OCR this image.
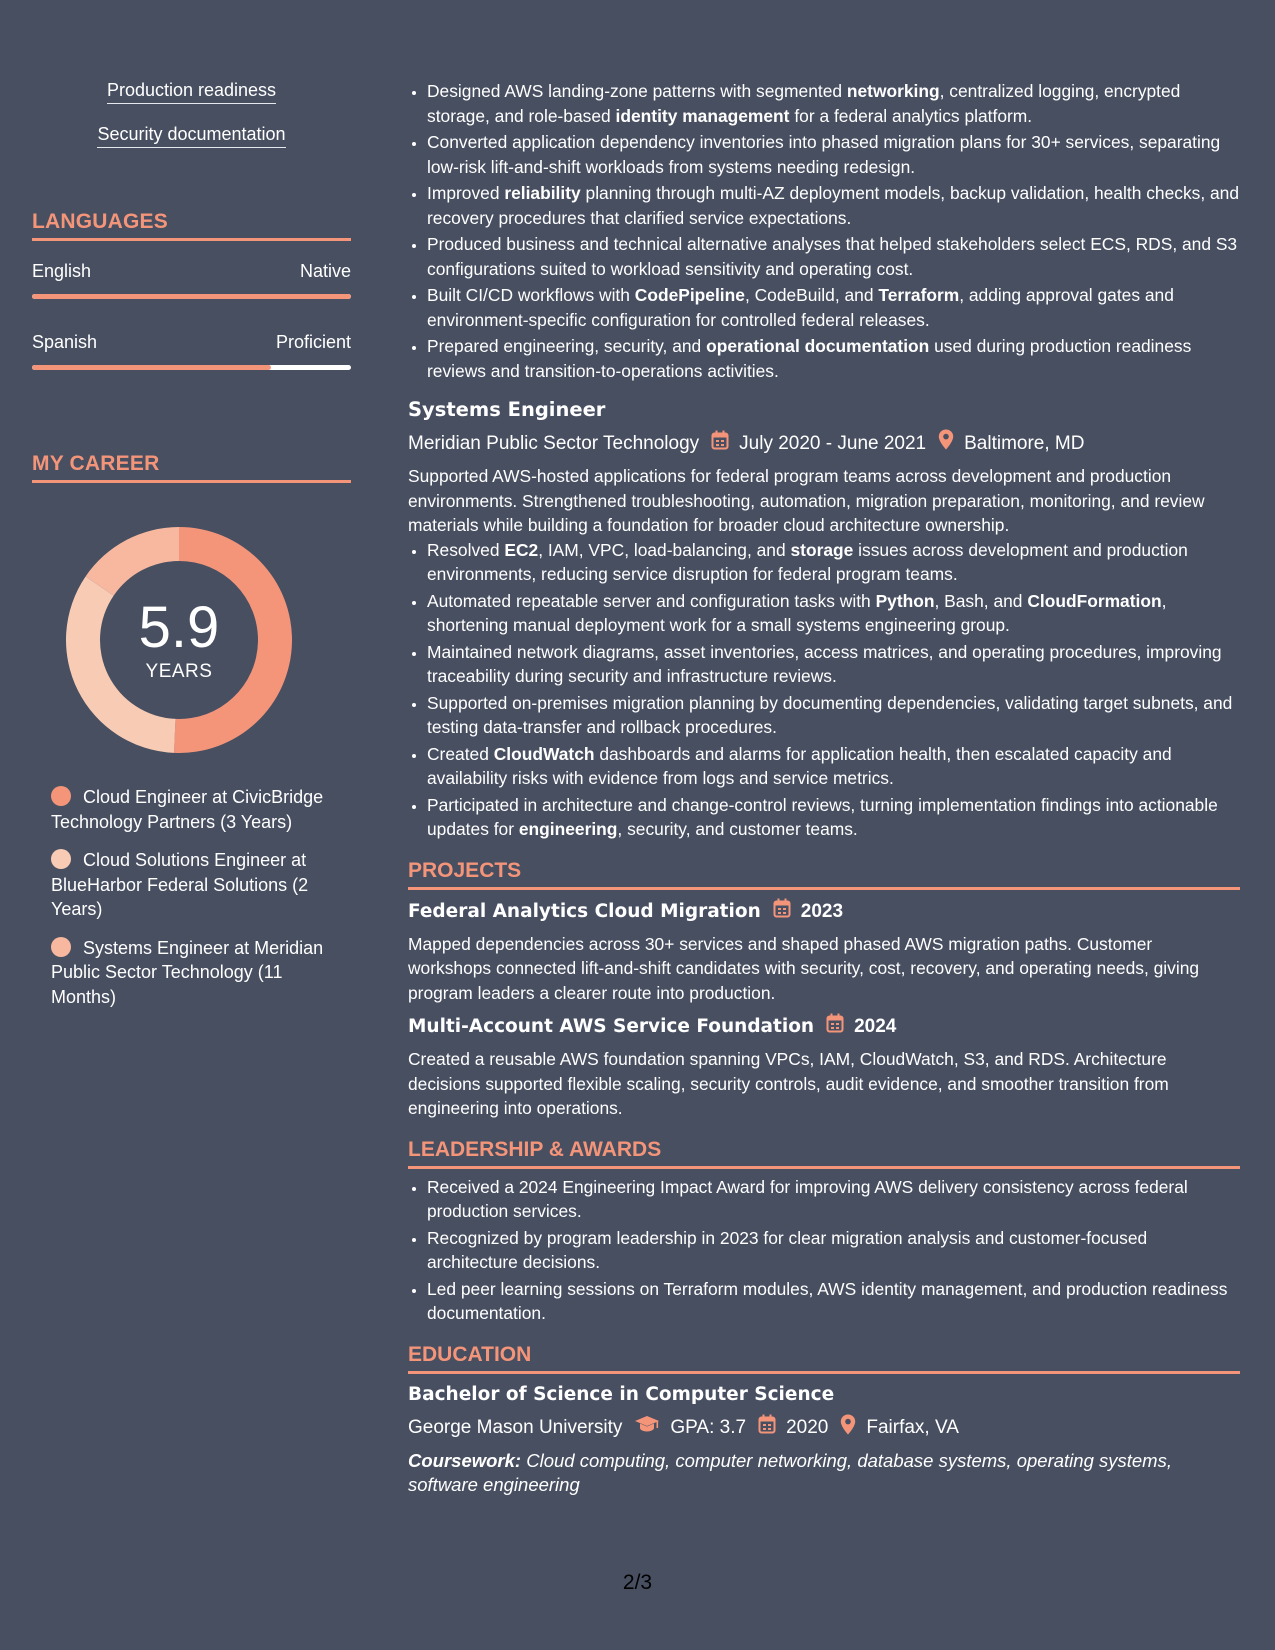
Production readiness
Security documentation
LANGUAGES
English	Native
Spanish	Proficient
MY CAREER
5.9
YEARS
Cloud Engineer at CivicBridge Technology Partners (3 Years)
Cloud Solutions Engineer at BlueHarbor Federal Solutions (2 Years)
Systems Engineer at Meridian Public Sector Technology (11 Months)
• Designed AWS landing-zone patterns with segmented networking, centralized logging, encrypted storage, and role-based identity management for a federal analytics platform.
• Converted application dependency inventories into phased migration plans for 30+ services, separating low-risk lift-and-shift workloads from systems needing redesign.
• Improved reliability planning through multi-AZ deployment models, backup validation, health checks, and recovery procedures that clarified service expectations.
• Produced business and technical alternative analyses that helped stakeholders select ECS, RDS, and S3 configurations suited to workload sensitivity and operating cost.
• Built CI/CD workflows with CodePipeline, CodeBuild, and Terraform, adding approval gates and environment-specific configuration for controlled federal releases.
• Prepared engineering, security, and operational documentation used during production readiness reviews and transition-to-operations activities.
Systems Engineer
Meridian Public Sector Technology July 2020 - June 2021 Baltimore, MD

Supported AWS-hosted applications for federal program teams across development and production environments. Strengthened troubleshooting, automation, migration preparation, monitoring, and review materials while building a foundation for broader cloud architecture ownership.

• Resolved EC2, IAM, VPC, load-balancing, and storage issues across development and production environments, reducing service disruption for federal program teams.
• Automated repeatable server and configuration tasks with Python, Bash, and CloudFormation, shortening manual deployment work for a small systems engineering group.
• Maintained network diagrams, asset inventories, access matrices, and operating procedures, improving traceability during security and infrastructure reviews.
• Supported on-premises migration planning by documenting dependencies, validating target subnets, and testing data-transfer and rollback procedures.
• Created CloudWatch dashboards and alarms for application health, then escalated capacity and availability risks with evidence from logs and service metrics.
• Participated in architecture and change-control reviews, turning implementation findings into actionable updates for engineering, security, and customer teams.
PROJECTS
Federal Analytics Cloud Migration 2023

Mapped dependencies across 30+ services and shaped phased AWS migration paths. Customer workshops connected lift-and-shift candidates with security, cost, recovery, and operating needs, giving program leaders a clearer route into production.

Multi-Account AWS Service Foundation 2024

Created a reusable AWS foundation spanning VPCs, IAM, CloudWatch, S3, and RDS. Architecture decisions supported flexible scaling, security controls, audit evidence, and smoother transition from engineering into operations.

LEADERSHIP & AWARDS
• Received a 2024 Engineering Impact Award for improving AWS delivery consistency across federal production services.
• Recognized by program leadership in 2023 for clear migration analysis and customer-focused architecture decisions.
• Led peer learning sessions on Terraform modules, AWS identity management, and production readiness documentation.
EDUCATION
Bachelor of Science in Computer Science
George Mason University	GPA: 3.7 2020 Fairfax, VA

Coursework: Cloud computing, computer networking, database systems, operating systems, software engineering

2/3
